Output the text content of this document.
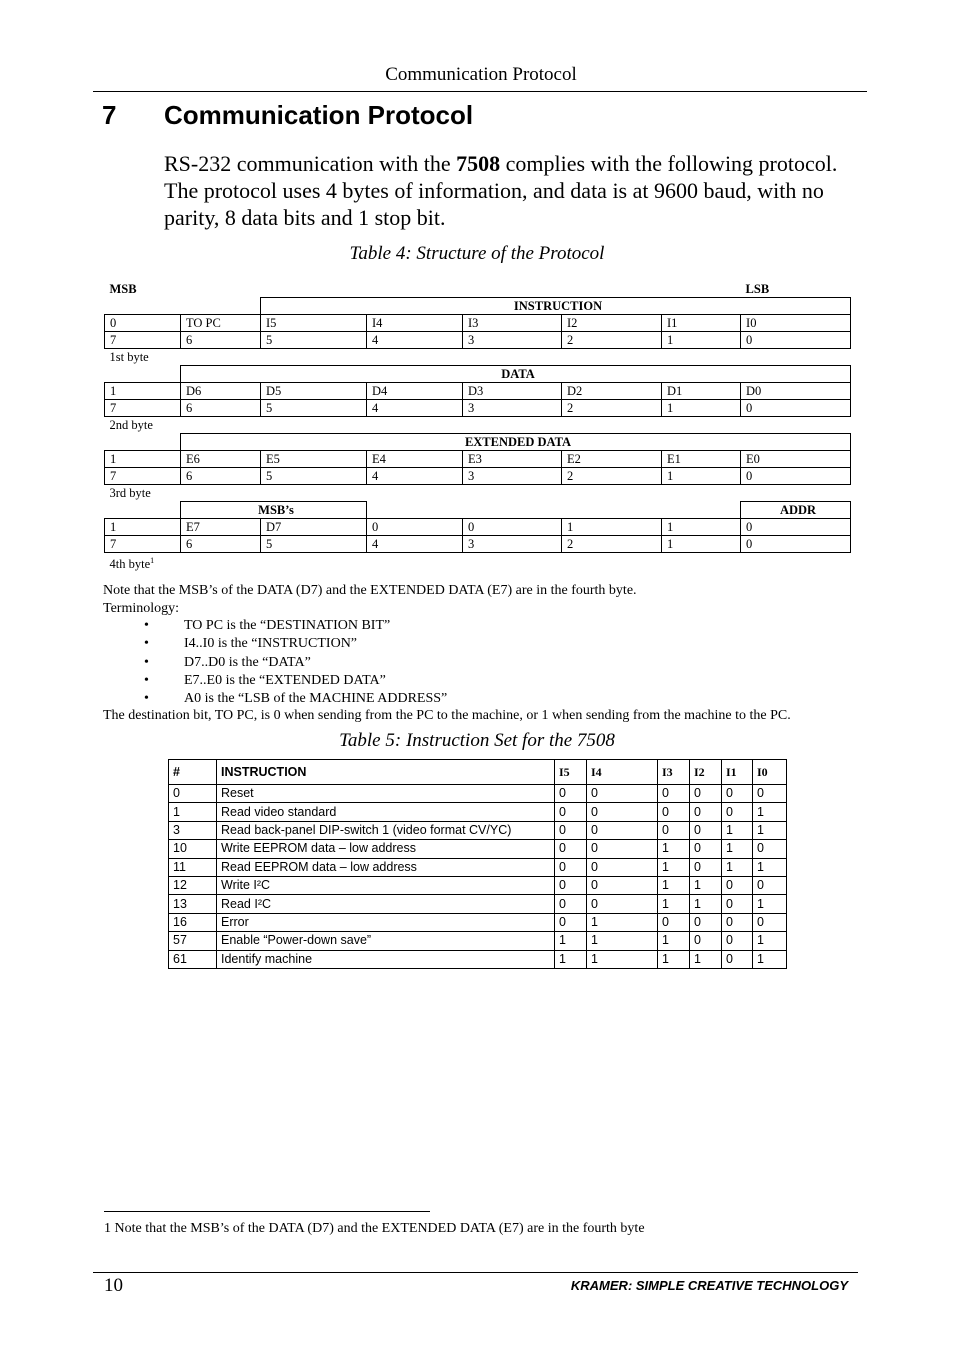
Communication Protocol
7 Communication Protocol
RS-232 communication with the 7508 complies with the following protocol. The protocol uses 4 bytes of information, and data is at 9600 baud, with no parity, 8 data bits and 1 stop bit.
Table 4: Structure of the Protocol
MSB							LSB
		INSTRUCTION					
0	TO PC	I5	I4	I3	I2	I1	I0
7	6	5	4	3	2	1	0
1st byte							
	DATA						
1	D6	D5	D4	D3	D2	D1	D0
7	6	5	4	3	2	1	0
2nd byte							
	EXTENDED DATA						
1	E6	E5	E4	E3	E2	E1	E0
7	6	5	4	3	2	1	0
3rd byte							
	MSB’s						ADDR
1	E7	D7	0	0	1	1	0
7	6	5	4	3	2	1	0
4th byte$^1$	
Note that the MSB’s of the DATA (D7) and the EXTENDED DATA (E7) are in the fourth byte.
Terminology:
• TO PC is the “DESTINATION BIT”
• I4..I0 is the “INSTRUCTION”
• D7..D0 is the “DATA”
• E7..E0 is the “EXTENDED DATA”
• A0 is the “LSB of the MACHINE ADDRESS”
The destination bit, TO PC, is 0 when sending from the PC to the machine, or 1 when sending from the machine to the PC.
Table 5: Instruction Set for the 7508
#	INSTRUCTION	I5	I4	I3	I2	I1	I0
0	Reset	0	0	0	0	0	0
1	Read video standard	0	0	0	0	0	1
3	Read back-panel DIP-switch 1 (video format CV/YC)	0	0	0	0	1	1
10	Write EEPROM data – low address	0	0	1	0	1	0
11	Read EEPROM data – low address	0	0	1	0	1	1
12	Write I²C	0	0	1	1	0	0
13	Read I²C	0	0	1	1	0	1
16	Error	0	1	0	0	0	0
57	Enable “Power-down save”	1	1	1	0	0	1
61	Identify machine	1	1	1	1	0	1
1 Note that the MSB’s of the DATA (D7) and the EXTENDED DATA (E7) are in the fourth byte
10	KRAMER: SIMPLE CREATIVE TECHNOLOGY
